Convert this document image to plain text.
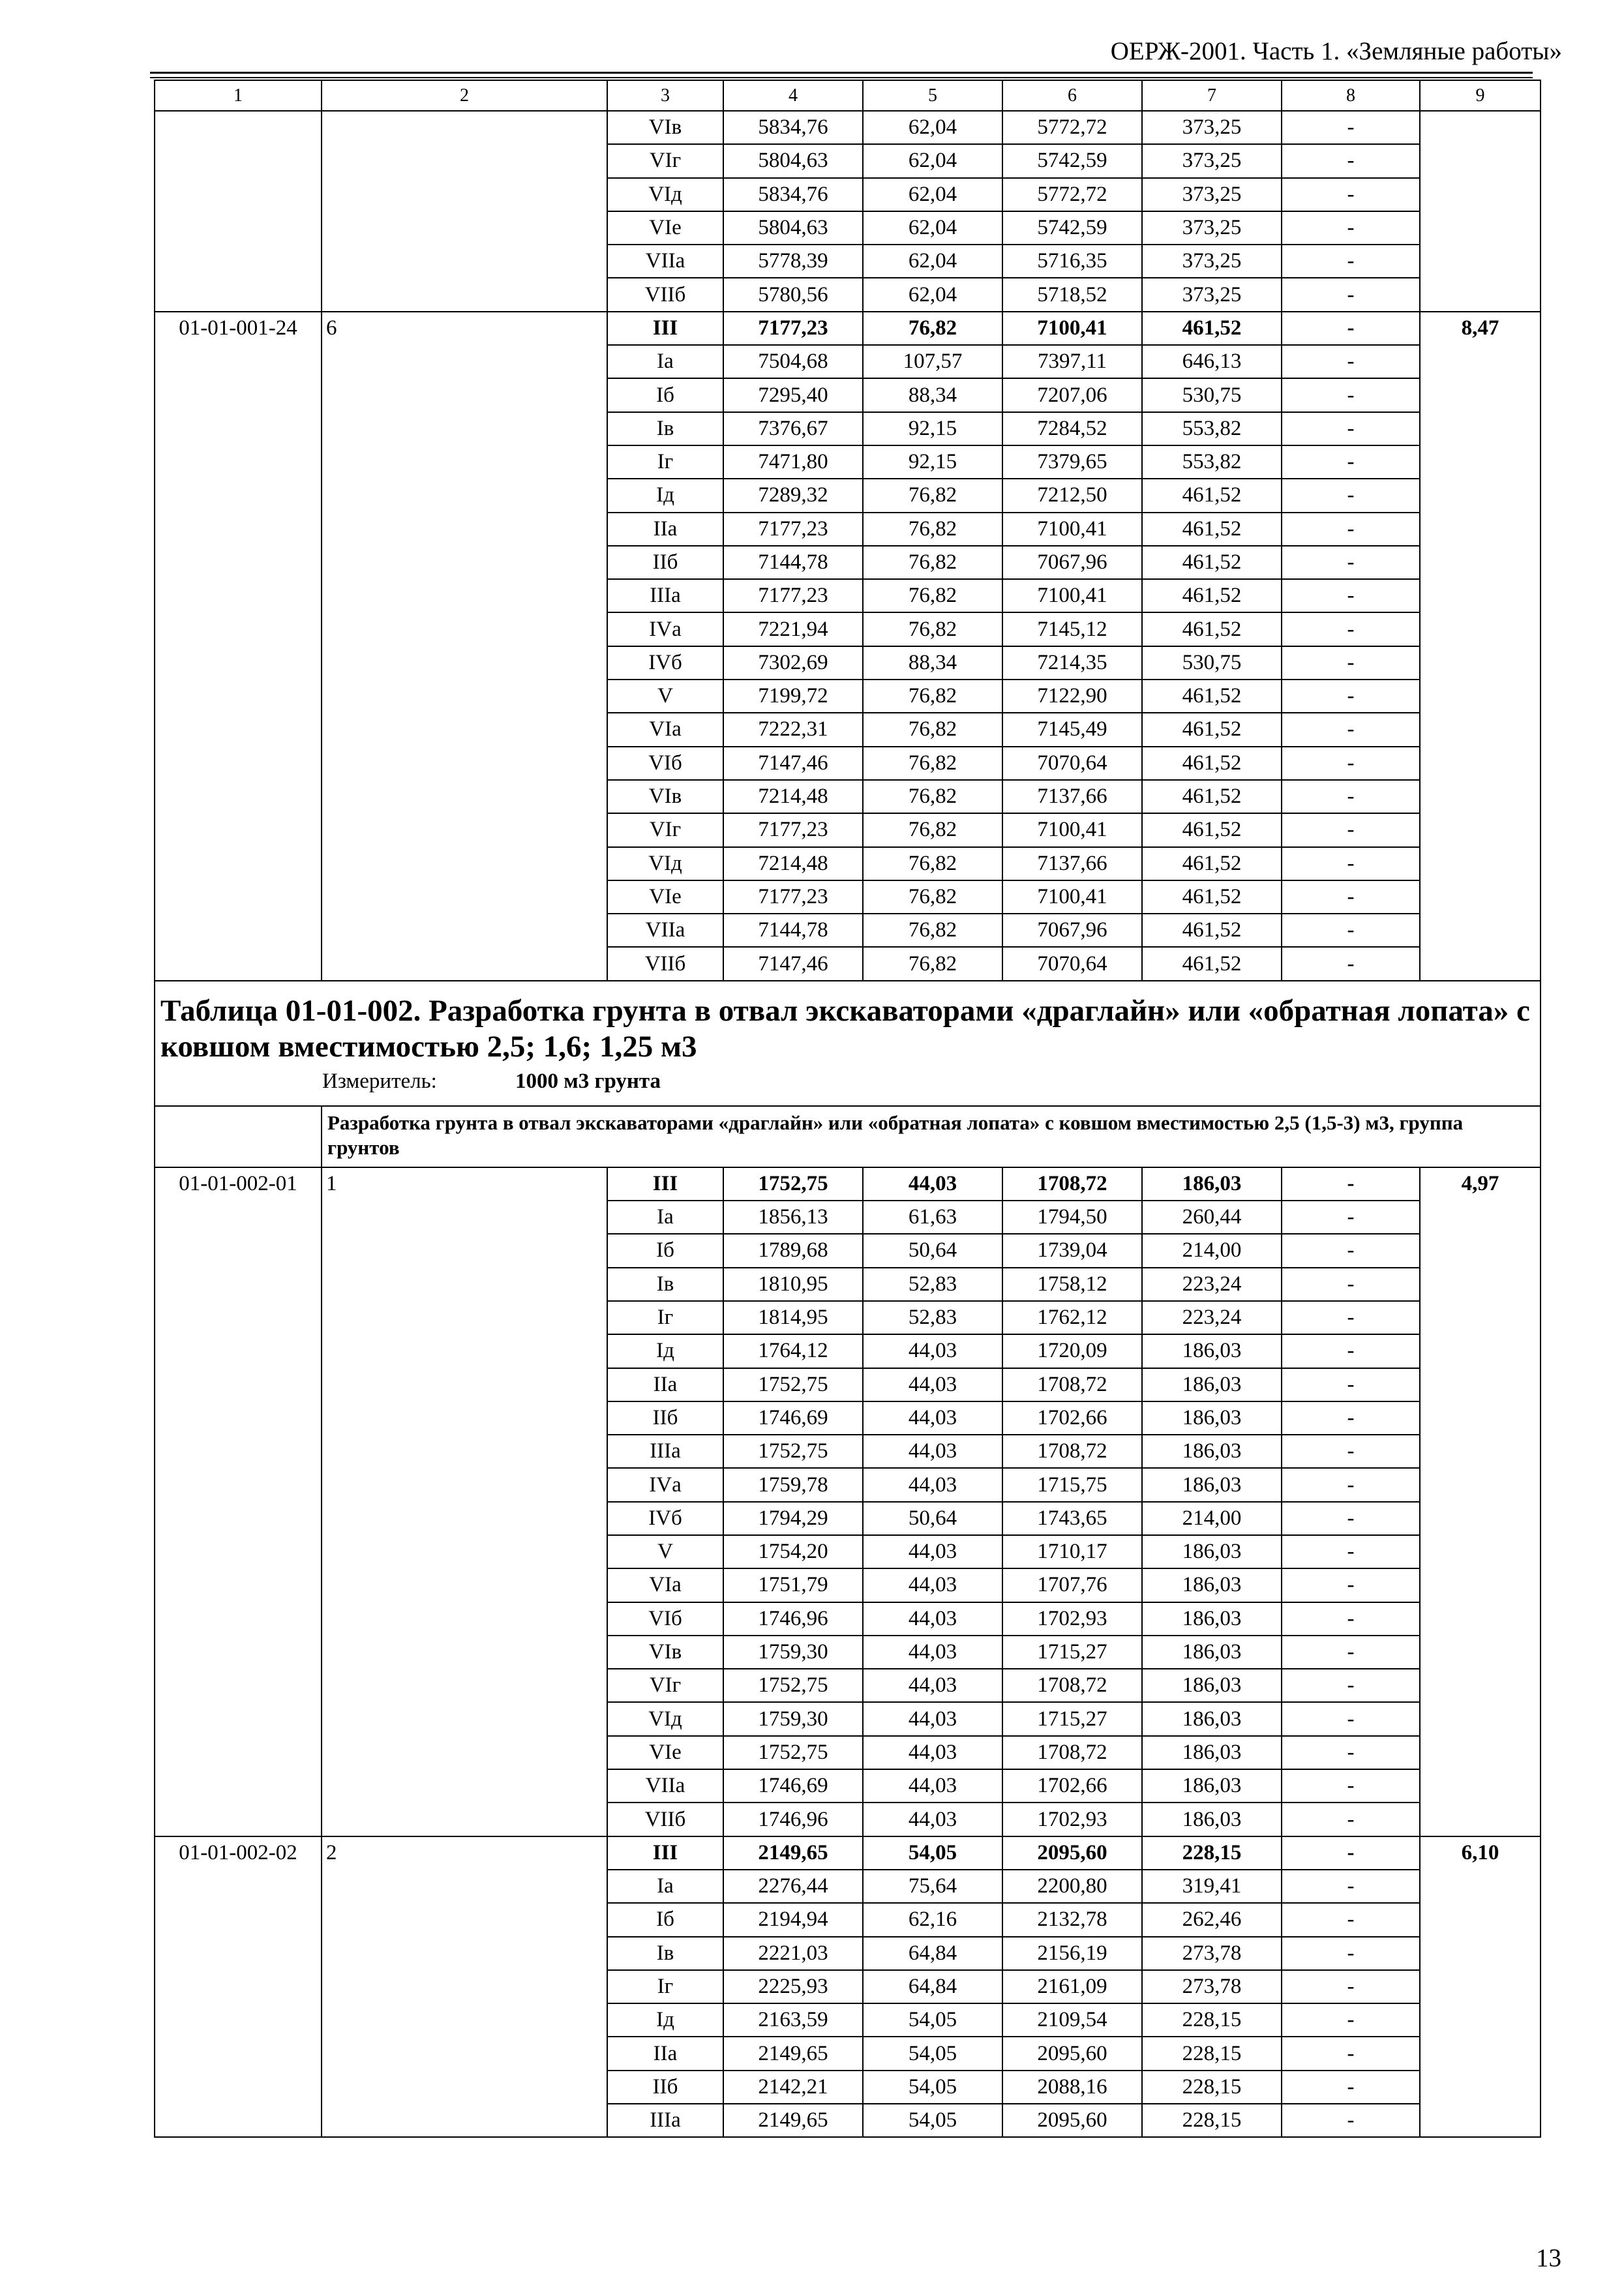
ОЕРЖ-2001. Часть 1. «Земляные работы»
1	2	3	4	5	6	7	8	9
		VIв	5834,76	62,04	5772,72	373,25	-	
		VIг	5804,63	62,04	5742,59	373,25	-	
		VIд	5834,76	62,04	5772,72	373,25	-	
		VIе	5804,63	62,04	5742,59	373,25	-	
		VIIа	5778,39	62,04	5716,35	373,25	-	
		VIIб	5780,56	62,04	5718,52	373,25	-	
01-01-001-24	6	III	7177,23	76,82	7100,41	461,52	-	8,47
		Iа	7504,68	107,57	7397,11	646,13	-	
		Iб	7295,40	88,34	7207,06	530,75	-	
		Iв	7376,67	92,15	7284,52	553,82	-	
		Iг	7471,80	92,15	7379,65	553,82	-	
		Iд	7289,32	76,82	7212,50	461,52	-	
		IIа	7177,23	76,82	7100,41	461,52	-	
		IIб	7144,78	76,82	7067,96	461,52	-	
		IIIа	7177,23	76,82	7100,41	461,52	-	
		IVа	7221,94	76,82	7145,12	461,52	-	
		IVб	7302,69	88,34	7214,35	530,75	-	
		V	7199,72	76,82	7122,90	461,52	-	
		VIа	7222,31	76,82	7145,49	461,52	-	
		VIб	7147,46	76,82	7070,64	461,52	-	
		VIв	7214,48	76,82	7137,66	461,52	-	
		VIг	7177,23	76,82	7100,41	461,52	-	
		VIд	7214,48	76,82	7137,66	461,52	-	
		VIе	7177,23	76,82	7100,41	461,52	-	
		VIIа	7144,78	76,82	7067,96	461,52	-	
		VIIб	7147,46	76,82	7070,64	461,52	-	

Таблица 01-01-002. Разработка грунта в отвал экскаваторами «драглайн» или «обратная лопата» с ковшом вместимостью 2,5; 1,6; 1,25 м3
Измеритель: 1000 м3 грунта								

	Разработка грунта в отвал экскаваторами «драглайн» или «обратная лопата» с ковшом вместимостью 2,5 (1,5-3) м3, группа грунтов							
01-01-002-01	1	III	1752,75	44,03	1708,72	186,03	-	4,97
		Iа	1856,13	61,63	1794,50	260,44	-	
		Iб	1789,68	50,64	1739,04	214,00	-	
		Iв	1810,95	52,83	1758,12	223,24	-	
		Iг	1814,95	52,83	1762,12	223,24	-	
		Iд	1764,12	44,03	1720,09	186,03	-	
		IIа	1752,75	44,03	1708,72	186,03	-	
		IIб	1746,69	44,03	1702,66	186,03	-	
		IIIа	1752,75	44,03	1708,72	186,03	-	
		IVа	1759,78	44,03	1715,75	186,03	-	
		IVб	1794,29	50,64	1743,65	214,00	-	
		V	1754,20	44,03	1710,17	186,03	-	
		VIа	1751,79	44,03	1707,76	186,03	-	
		VIб	1746,96	44,03	1702,93	186,03	-	
		VIв	1759,30	44,03	1715,27	186,03	-	
		VIг	1752,75	44,03	1708,72	186,03	-	
		VIд	1759,30	44,03	1715,27	186,03	-	
		VIе	1752,75	44,03	1708,72	186,03	-	
		VIIа	1746,69	44,03	1702,66	186,03	-	
		VIIб	1746,96	44,03	1702,93	186,03	-	
01-01-002-02	2	III	2149,65	54,05	2095,60	228,15	-	6,10
		Iа	2276,44	75,64	2200,80	319,41	-	
		Iб	2194,94	62,16	2132,78	262,46	-	
		Iв	2221,03	64,84	2156,19	273,78	-	
		Iг	2225,93	64,84	2161,09	273,78	-	
		Iд	2163,59	54,05	2109,54	228,15	-	
		IIа	2149,65	54,05	2095,60	228,15	-	
		IIб	2142,21	54,05	2088,16	228,15	-	
		IIIа	2149,65	54,05	2095,60	228,15	-	
13
